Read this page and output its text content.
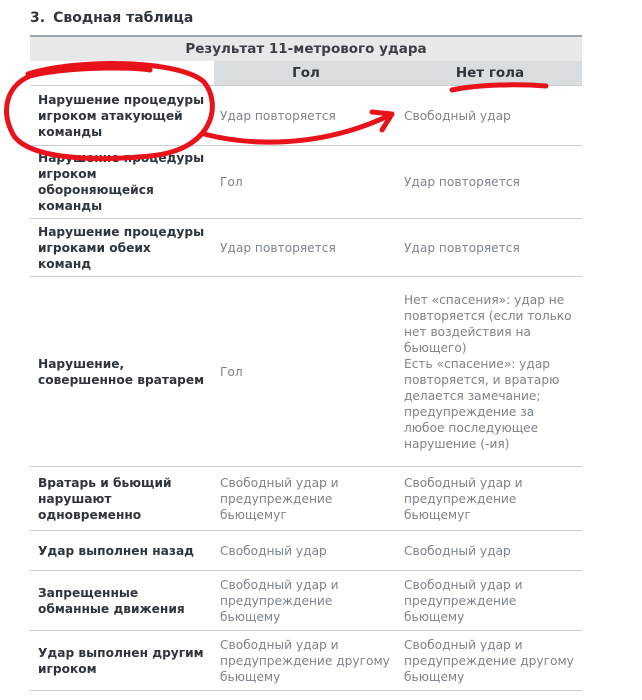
3. Сводная таблица
Результат 11-метрового удара		
	Гол	Нет гола
Нарушение процедуры игроком атакующей команды	Удар повторяется	Свободный удар

Нарушение процедуры игроком обороняющейся команды	Гол	Удар повторяется

Нарушение процедуры игроками обеих команд	Удар повторяется	Удар повторяется

Нарушение, совершенное вратарем	Гол	Нет «спасения»: удар не повторяется (если только нет воздействия на бьющего)
Есть «спасение»: удар повторяется, и вратарю делается замечание; предупреждение за любое последующее нарушение (-ия)

Вратарь и бьющий нарушают одновременно	Свободный удар и предупреждение бьющемуг	Свободный удар и предупреждение бьющемуг

Удар выполнен назад	Свободный удар	Свободный удар

Запрещенные обманные движения	Свободный удар и предупреждение бьющему	Свободный удар и предупреждение бьющему

Удар выполнен другим игроком	Свободный удар и предупреждение другому бьющему	Свободный удар и предупреждение другому бьющему
